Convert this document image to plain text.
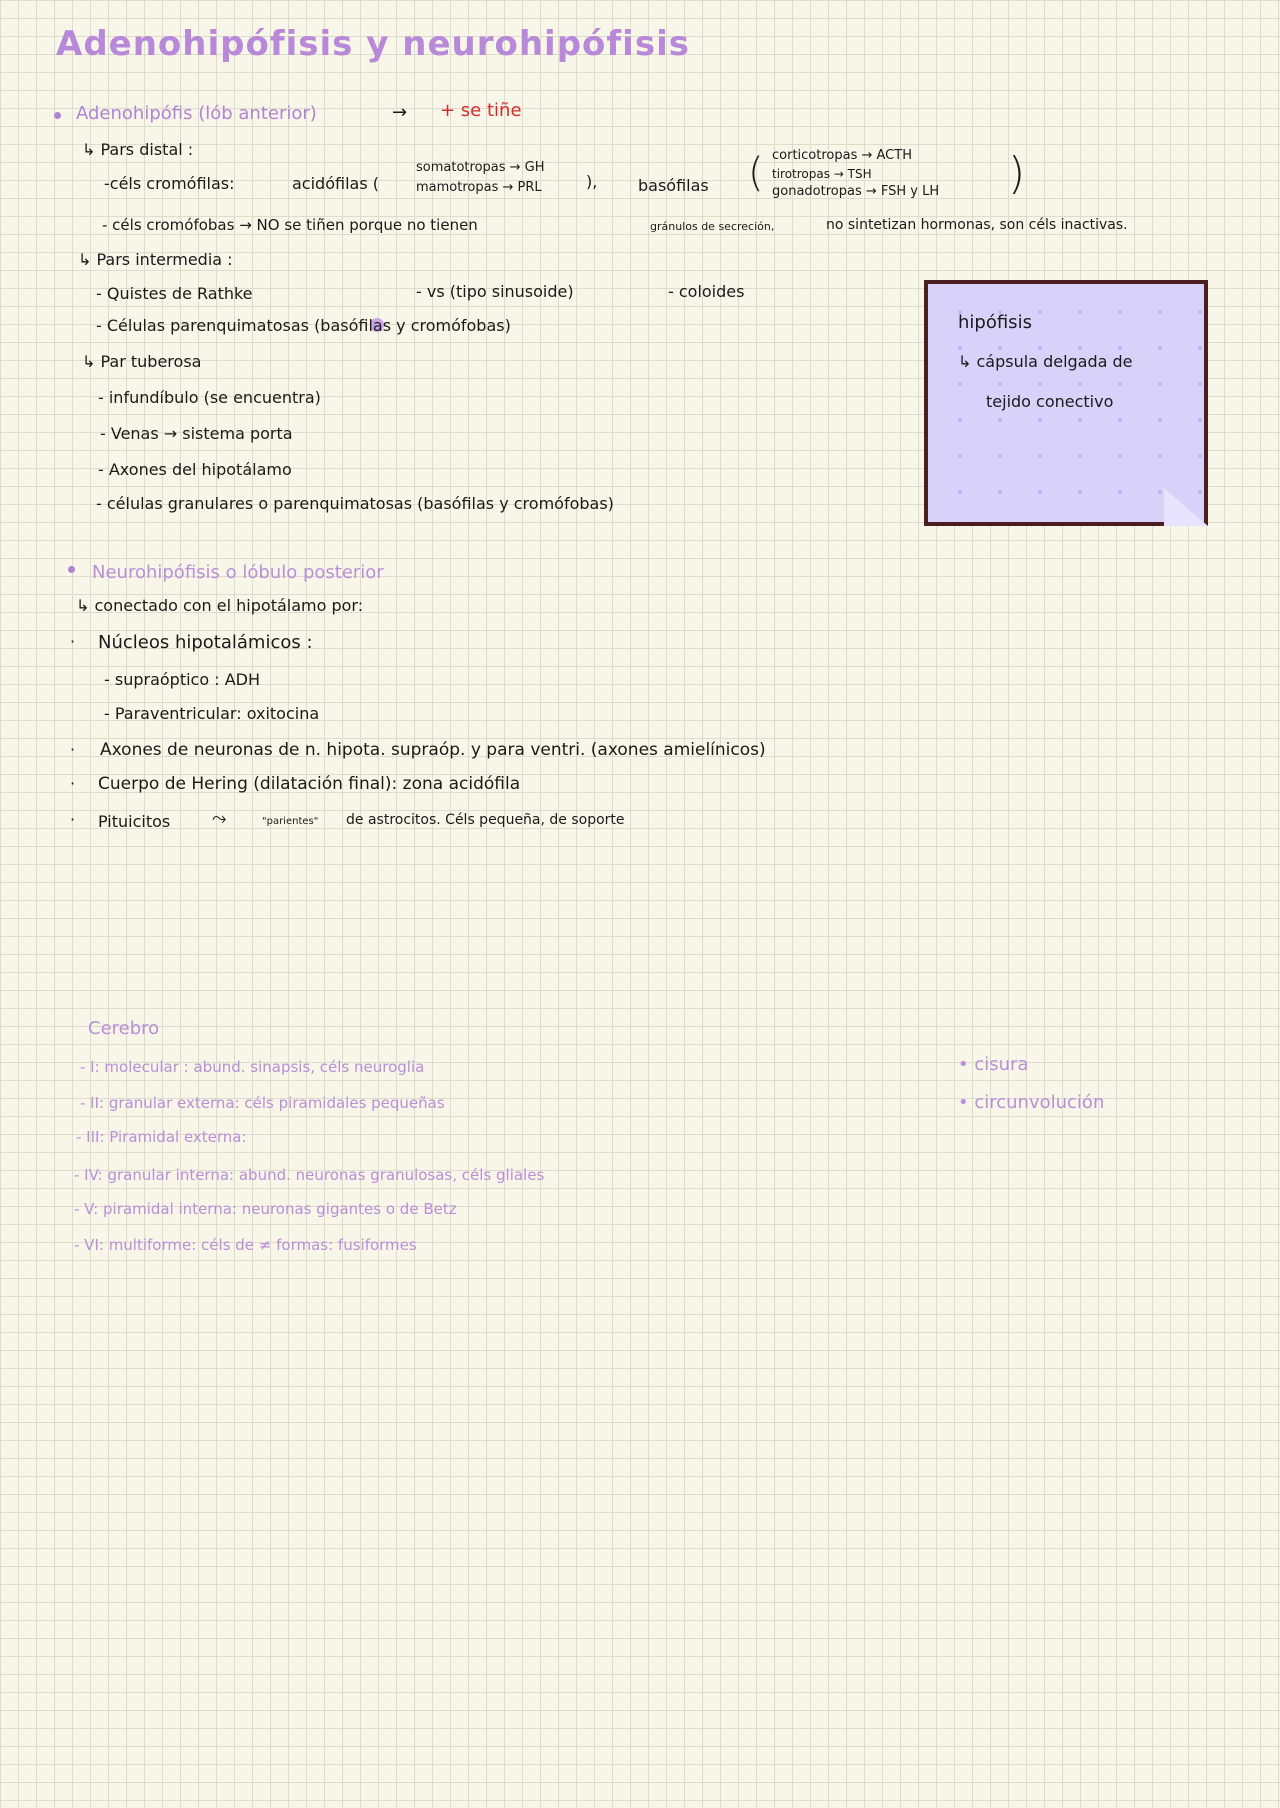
Adenohipófisis y neurohipófisis
Adenohipófis (lób anterior)	→ + se tiñe
↳ Pars distal :
-céls cromófilas:	acidófilas (
somatotropas → GH
mamotropas → PRL	),	basófilas ( corticotropas → ACTH
tirotropas → TSH
gonadotropas → FSH y LH )
- céls cromófobas → NO se tiñen porque no tienen	gránulos de secreción,	no sintetizan hormonas, son céls inactivas.
↳ Pars intermedia :
- Quistes de Rathke	- vs (tipo sinusoide)	- coloides
- Células parenquimatosas (basófilas y cromófobas)
↳ Par tuberosa
- infundíbulo (se encuentra)
- Venas → sistema porta
- Axones del hipotálamo
- células granulares o parenquimatosas (basófilas y cromófobas)
hipófisis
↳ cápsula delgada de
tejido conectivo
Neurohipófisis o lóbulo posterior
↳ conectado con el hipotálamo por:
· Núcleos hipotalámicos :
- supraóptico : ADH
- Paraventricular: oxitocina
· Axones de neuronas de n. hipota. supraóp. y para ventri. (axones amielínicos)
· Cuerpo de Hering (dilatación final): zona acidófila
· Pituicitos ⤳	"parientes" de astrocitos. Céls pequeña, de soporte
Cerebro
- I: molecular : abund. sinapsis, céls neuroglia
- II: granular externa: céls piramidales pequeñas
- III: Piramidal externa:
- IV: granular interna: abund. neuronas granulosas, céls gliales
- V: piramidal interna: neuronas gigantes o de Betz
- VI: multiforme: céls de ≠ formas: fusiformes
• cisura
• circunvolución
